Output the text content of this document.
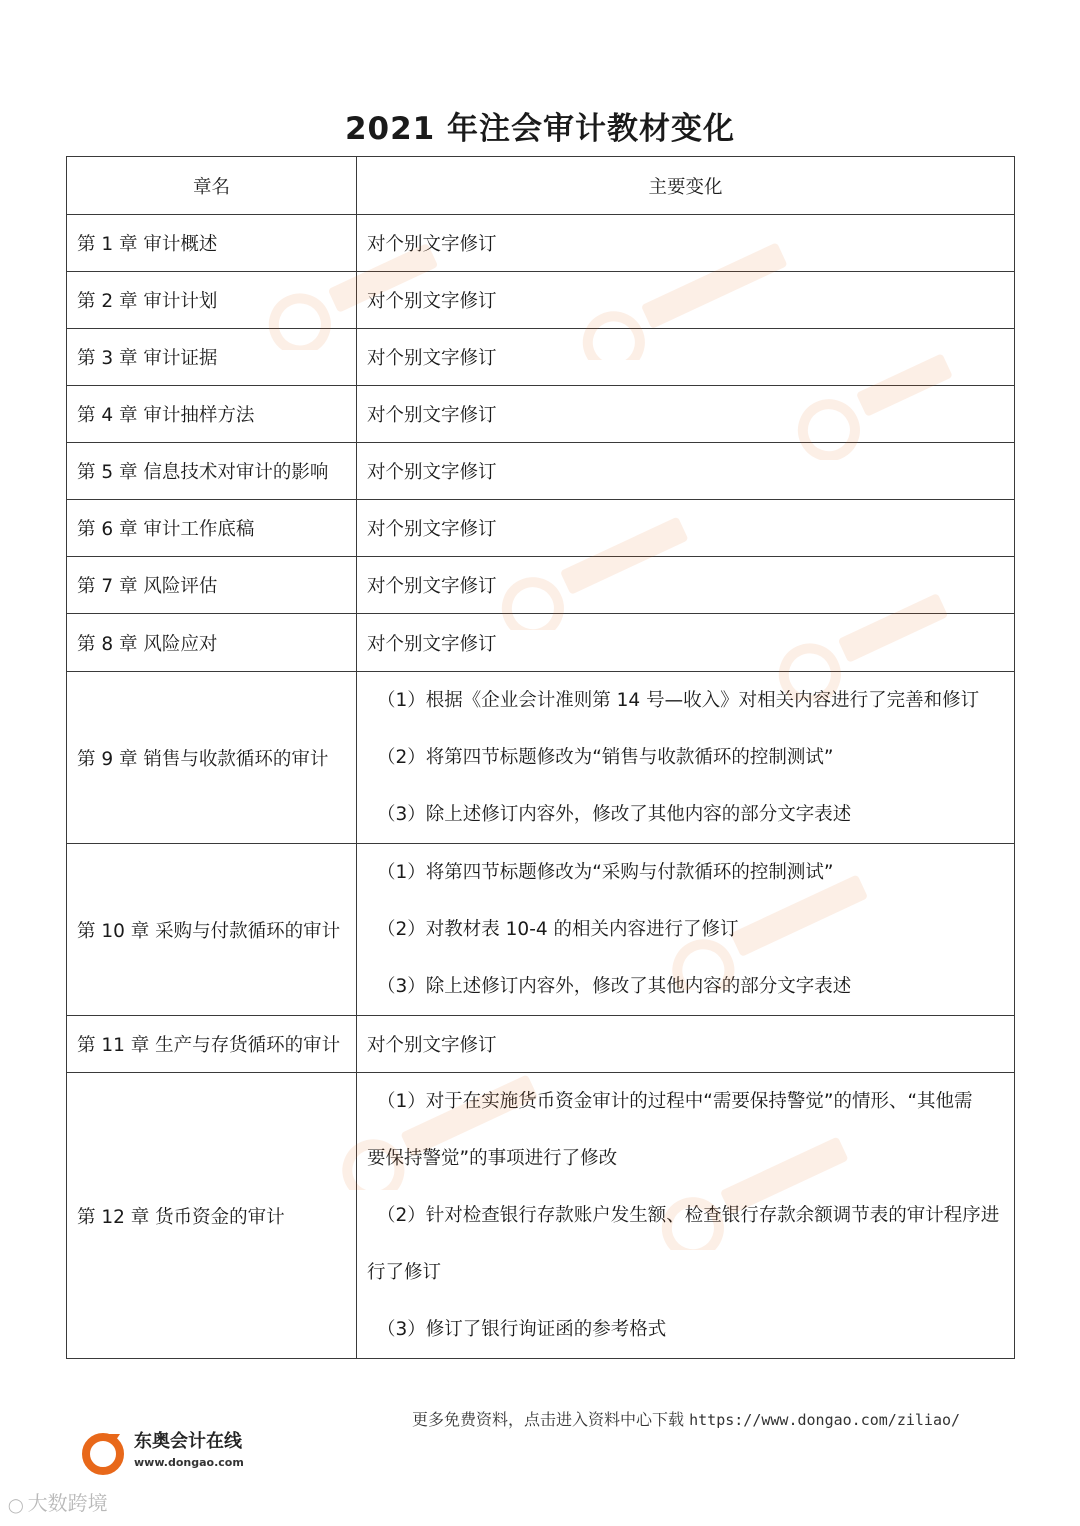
2021 年注会审计教材变化
章名	主要变化
第 1 章 审计概述	对个别文字修订
第 2 章 审计计划	对个别文字修订
第 3 章 审计证据	对个别文字修订
第 4 章 审计抽样方法	对个别文字修订
第 5 章 信息技术对审计的影响	对个别文字修订
第 6 章 审计工作底稿	对个别文字修订
第 7 章 风险评估	对个别文字修订
第 8 章 风险应对	对个别文字修订
第 9 章 销售与收款循环的审计	（1）根据《企业会计准则第 14 号—收入》对相关内容进行了完善和修订
（2）将第四节标题修改为“销售与收款循环的控制测试”
（3）除上述修订内容外，修改了其他内容的部分文字表述

第 10 章 采购与付款循环的审计	（1）将第四节标题修改为“采购与付款循环的控制测试”
（2）对教材表 10-4 的相关内容进行了修订
（3）除上述修订内容外，修改了其他内容的部分文字表述

第 11 章 生产与存货循环的审计	对个别文字修订
第 12 章 货币资金的审计	（1）对于在实施货币资金审计的过程中“需要保持警觉”的情形、“其他需
要保持警觉”的事项进行了修改
（2）针对检查银行存款账户发生额、检查银行存款余额调节表的审计程序进
行了修订
（3）修订了银行询证函的参考格式
更多免费资料，点击进入资料中心下载 https://www.dongao.com/ziliao/
东奥会计在线
www.dongao.com
◯ 大数跨境
